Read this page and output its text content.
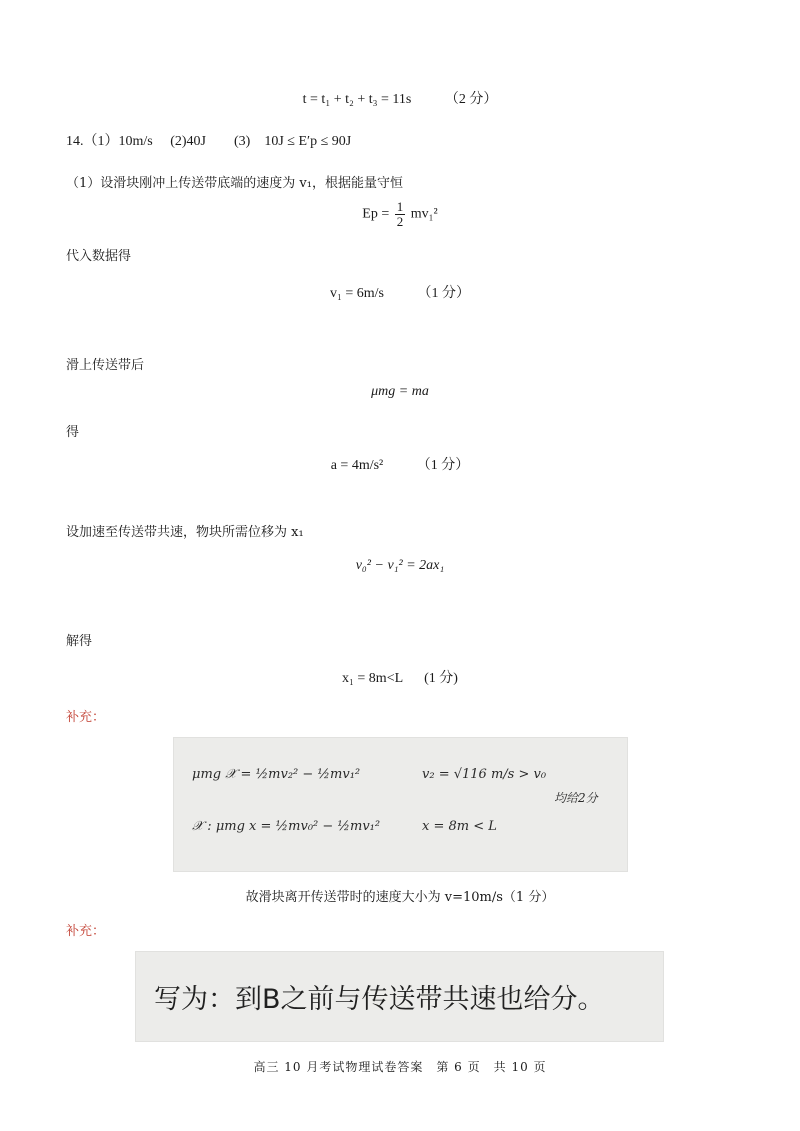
t = t₁ + t₂ + t₃ = 11s （2 分）
14.（1）10m/s　 (2)40J　　(3)　10J ≤ E′p ≤ 90J
（1）设滑块刚冲上传送带底端的速度为 v₁，根据能量守恒
$Ep = \frac{1}{2} mv_1^2$
代入数据得
v₁ = 6m/s （1 分）
滑上传送带后
μmg = ma
得
a = 4m/s² （1 分）
设加速至传送带共速，物块所需位移为 x₁
v₀² − v₁² = 2ax₁
解得
x₁ = 8m<L (1 分)
补充：
μmg 𝒳 = ½mv₂² − ½mv₁²	v₂ = √116 m/s > v₀
均给2分
𝒳 : μmg x = ½mv₀² − ½mv₁²	x = 8m < L
故滑块离开传送带时的速度大小为 v=10m/s（1 分）
补充：
写为：到B之前与传送带共速也给分。
高三 10 月考试物理试卷答案　第 6 页　共 10 页
